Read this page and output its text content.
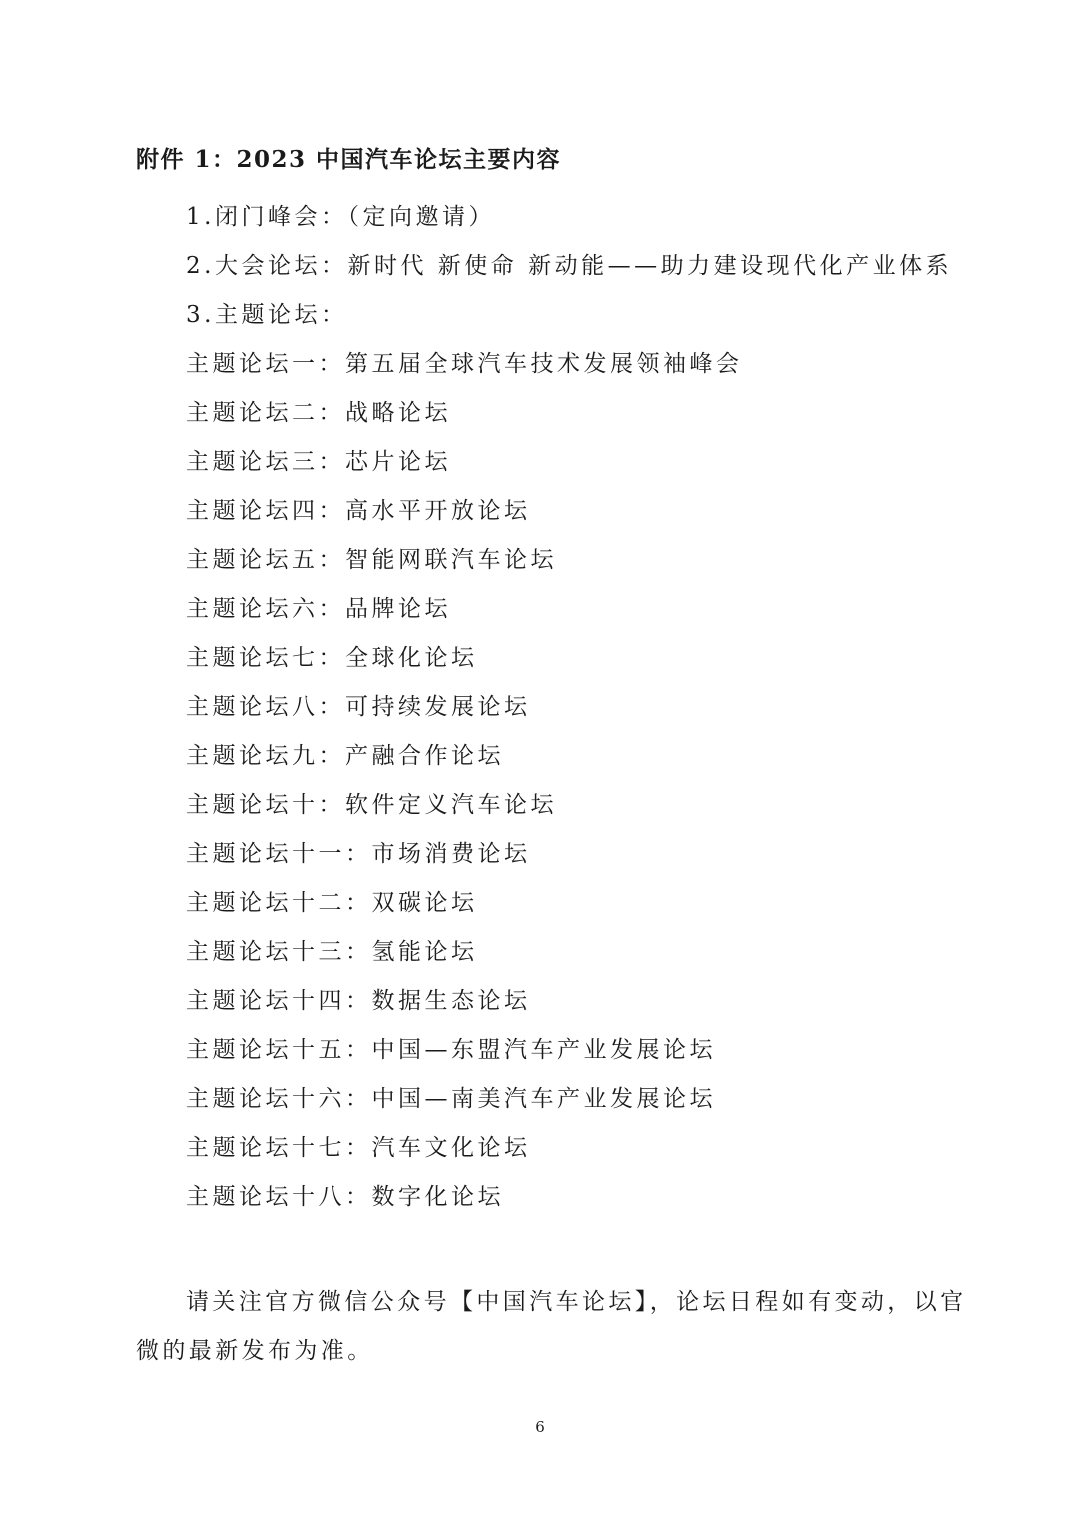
附件 1：2023 中国汽车论坛主要内容
1.闭门峰会：（定向邀请）
2.大会论坛：新时代 新使命 新动能——助力建设现代化产业体系
3.主题论坛：
主题论坛一：第五届全球汽车技术发展领袖峰会
主题论坛二：战略论坛
主题论坛三：芯片论坛
主题论坛四：高水平开放论坛
主题论坛五：智能网联汽车论坛
主题论坛六：品牌论坛
主题论坛七：全球化论坛
主题论坛八：可持续发展论坛
主题论坛九：产融合作论坛
主题论坛十：软件定义汽车论坛
主题论坛十一：市场消费论坛
主题论坛十二：双碳论坛
主题论坛十三：氢能论坛
主题论坛十四：数据生态论坛
主题论坛十五：中国—东盟汽车产业发展论坛
主题论坛十六：中国—南美汽车产业发展论坛
主题论坛十七：汽车文化论坛
主题论坛十八：数字化论坛
请关注官方微信公众号【中国汽车论坛】，论坛日程如有变动，以官
微的最新发布为准。
6
